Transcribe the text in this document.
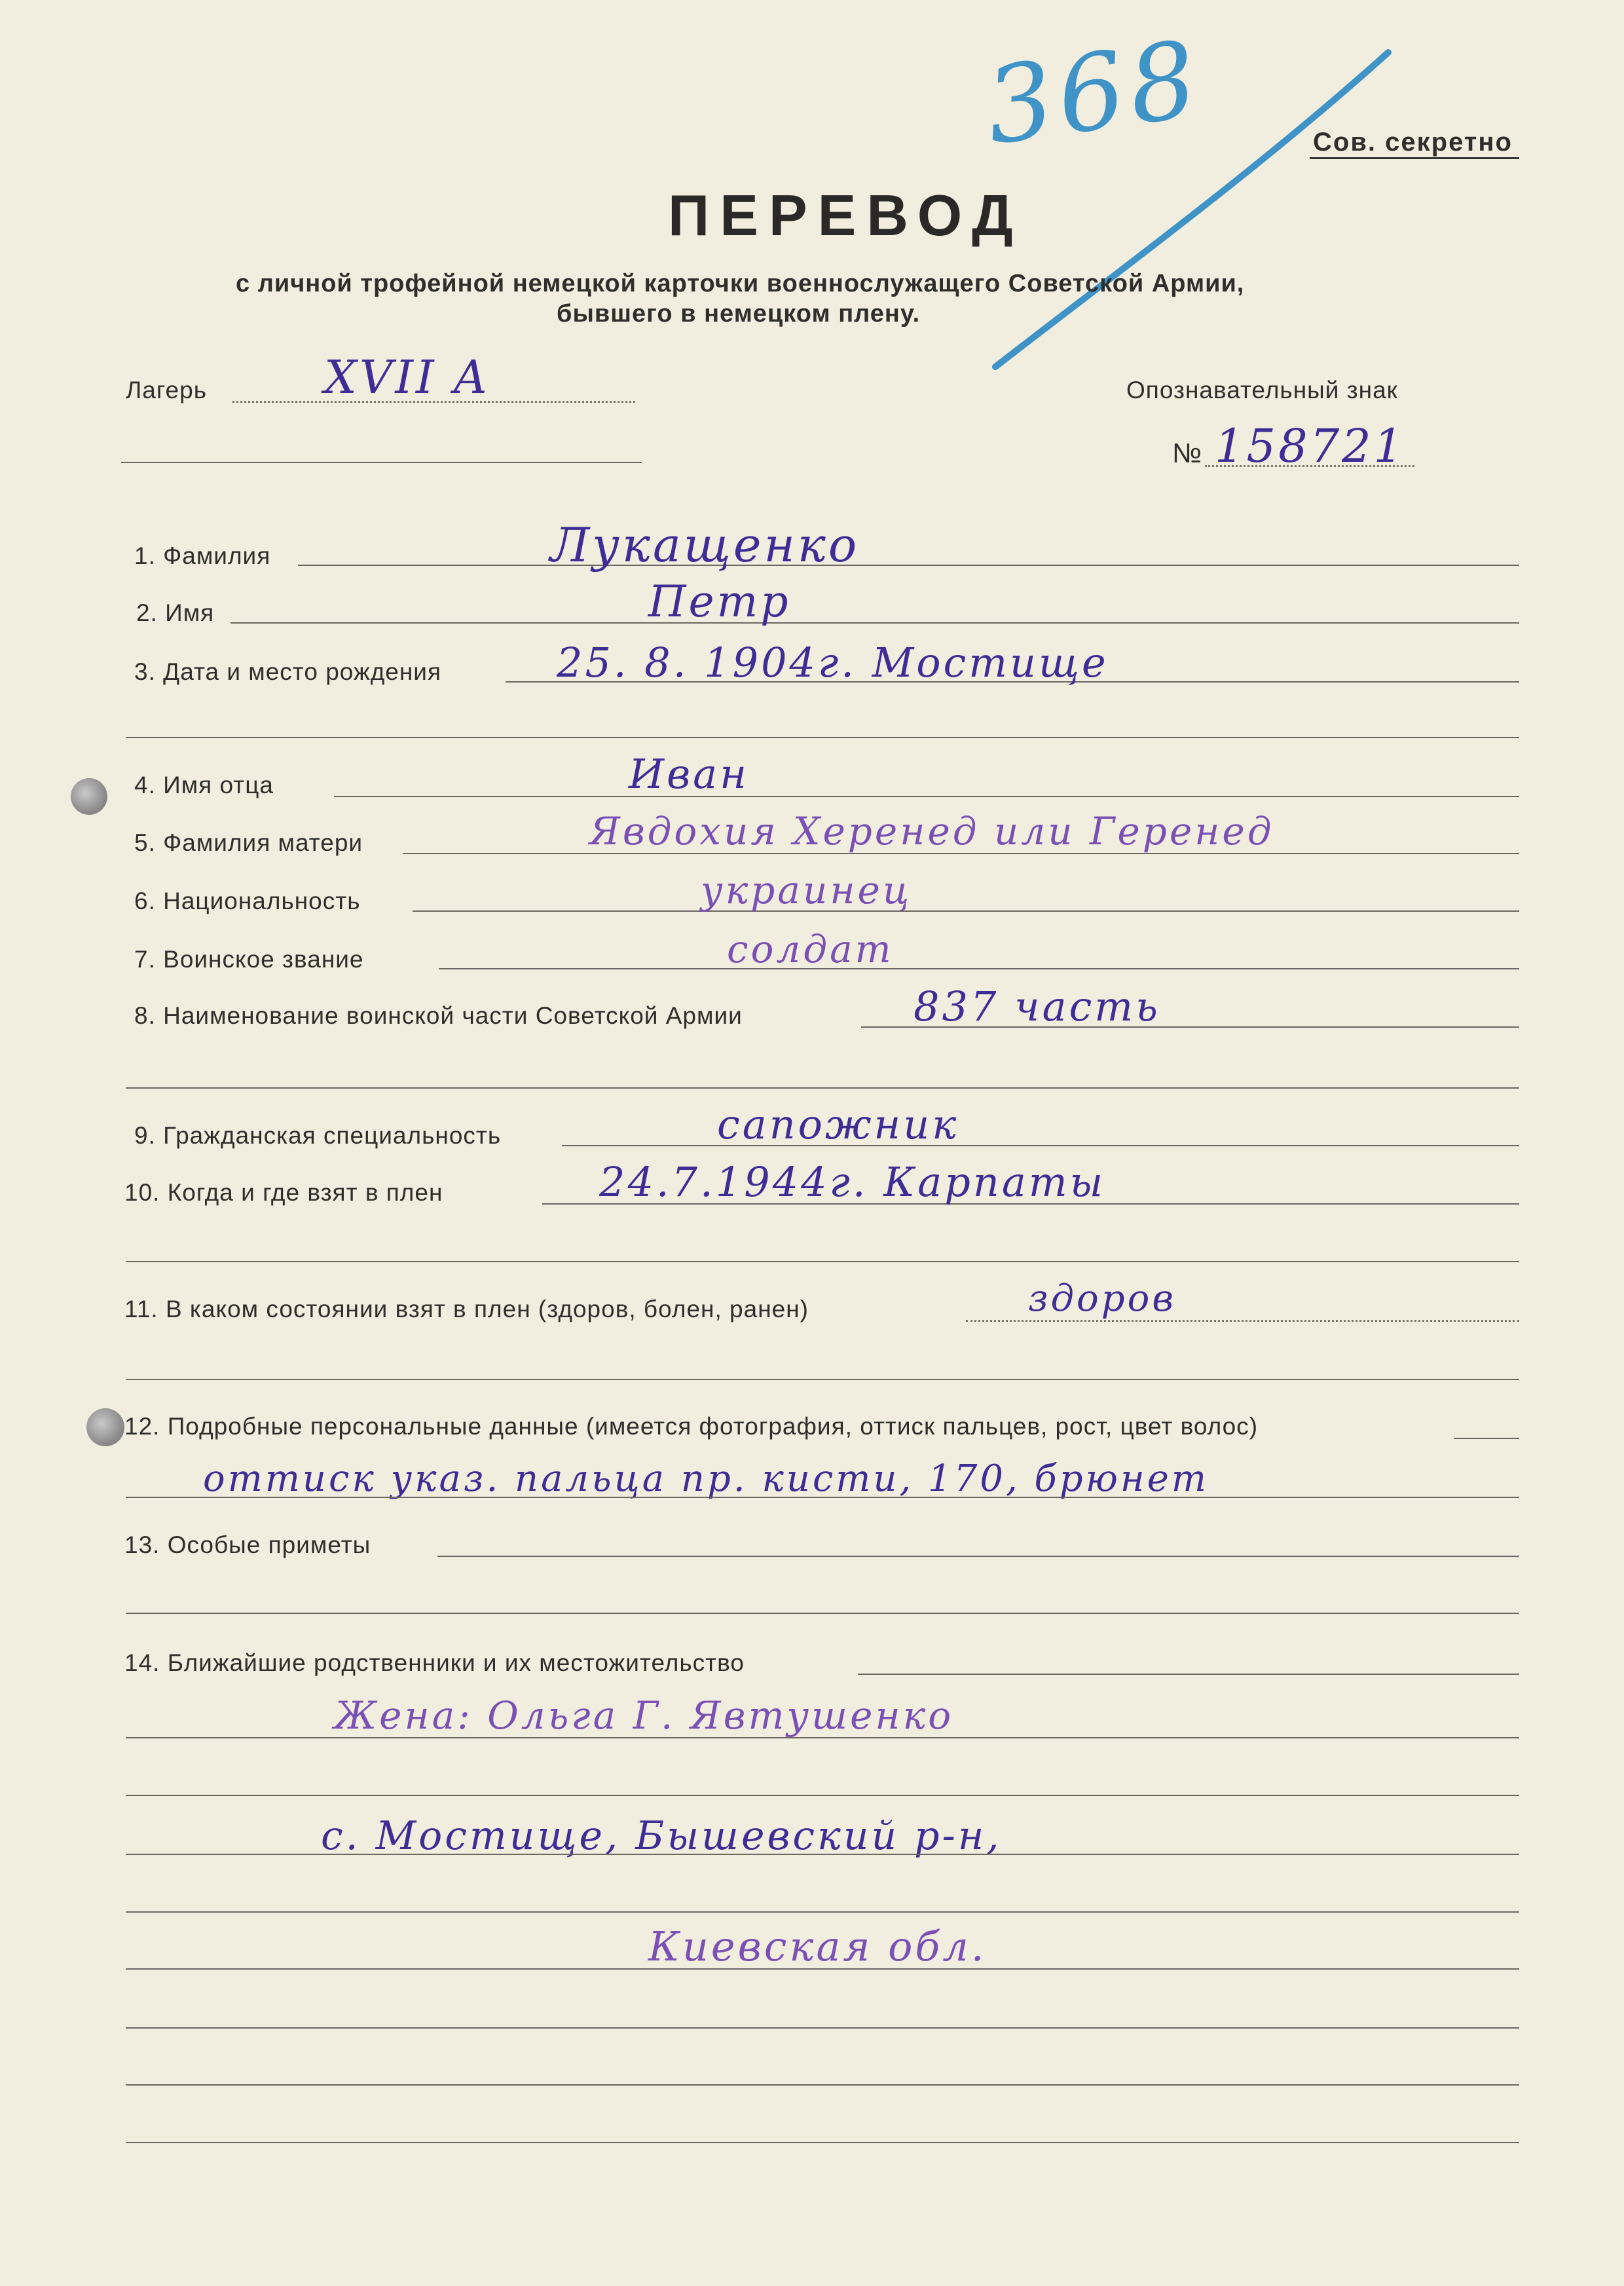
Сов. секретно
368
ПЕРЕВОД
с личной трофейной немецкой карточки военнослужащего Советской Армии,
бывшего в немецком плену.
Лагерь	XVII A	Опознавательный знак
№ 158721
1. Фамилия	Лукащенко
2. Имя	Петр
3. Дата и место рождения	25. 8. 1904г. Мостище
4. Имя отца	Иван
5. Фамилия матери	Явдохия Херенед или Геренед
6. Национальность	украинец
7. Воинское звание	солдат
8. Наименование воинской части Советской Армии	837 часть
9. Гражданская специальность	сапожник
10. Когда и где взят в плен	24.7.1944г. Карпаты
11. В каком состоянии взят в плен (здоров, болен, ранен)	здоров
12. Подробные персональные данные (имеется фотография, оттиск пальцев, рост, цвет волос)
оттиск указ. пальца пр. кисти, 170, брюнет
13. Особые приметы
14. Ближайшие родственники и их местожительство
Жена: Ольга Г. Явтушенко
с. Мостище, Бышевский р-н,
Киевская обл.
